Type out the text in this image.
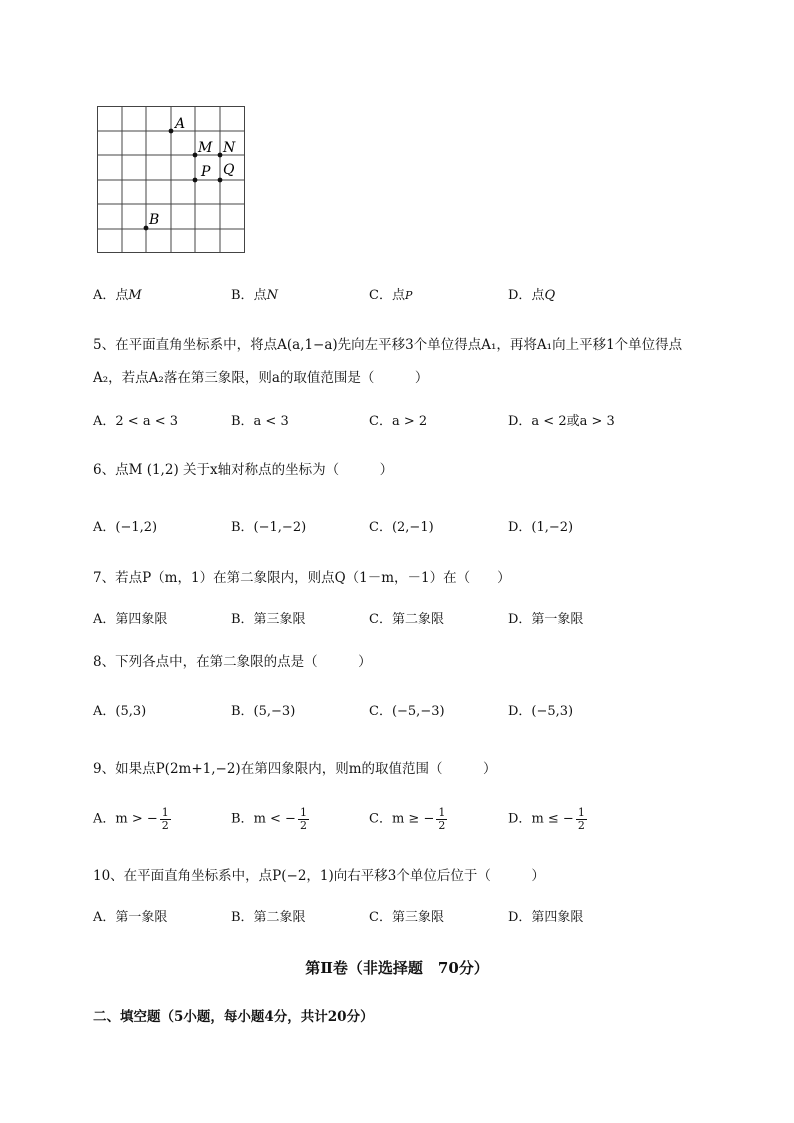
A
M N
P Q
B
A．点M	B．点N	C．点P	D．点Q
5、在平面直角坐标系中，将点A(a,1−a)先向左平移3个单位得点A₁，再将A₁向上平移1个单位得点
A₂，若点A₂落在第三象限，则a的取值范围是（　　　）
A．2 < a < 3	B．a < 3	C．a > 2	D．a < 2或a > 3
6、点M (1,2) 关于x轴对称点的坐标为（　　　）
A．(−1,2)	B．(−1,−2)	C．(2,−1)	D．(1,−2)
7、若点P（m，1）在第二象限内，则点Q（1－m，－1）在（　　）
A．第四象限	B．第三象限	C．第二象限	D．第一象限
8、下列各点中，在第二象限的点是（　　　）
A．(5,3)	B．(5,−3)	C．(−5,−3)	D．(−5,3)
9、如果点P(2m+1,−2)在第四象限内，则m的取值范围（　　　）
A．m > − $\frac{1}{2}$	B．m < − $\frac{1}{2}$	C．m ≥ − $\frac{1}{2}$	D．m ≤ − $\frac{1}{2}$
10、在平面直角坐标系中，点P(−2，1)向右平移3个单位后位于（　　　）
A．第一象限	B．第二象限	C．第三象限	D．第四象限
第Ⅱ卷（非选择题　70分）
二、填空题（5小题，每小题4分，共计20分）
